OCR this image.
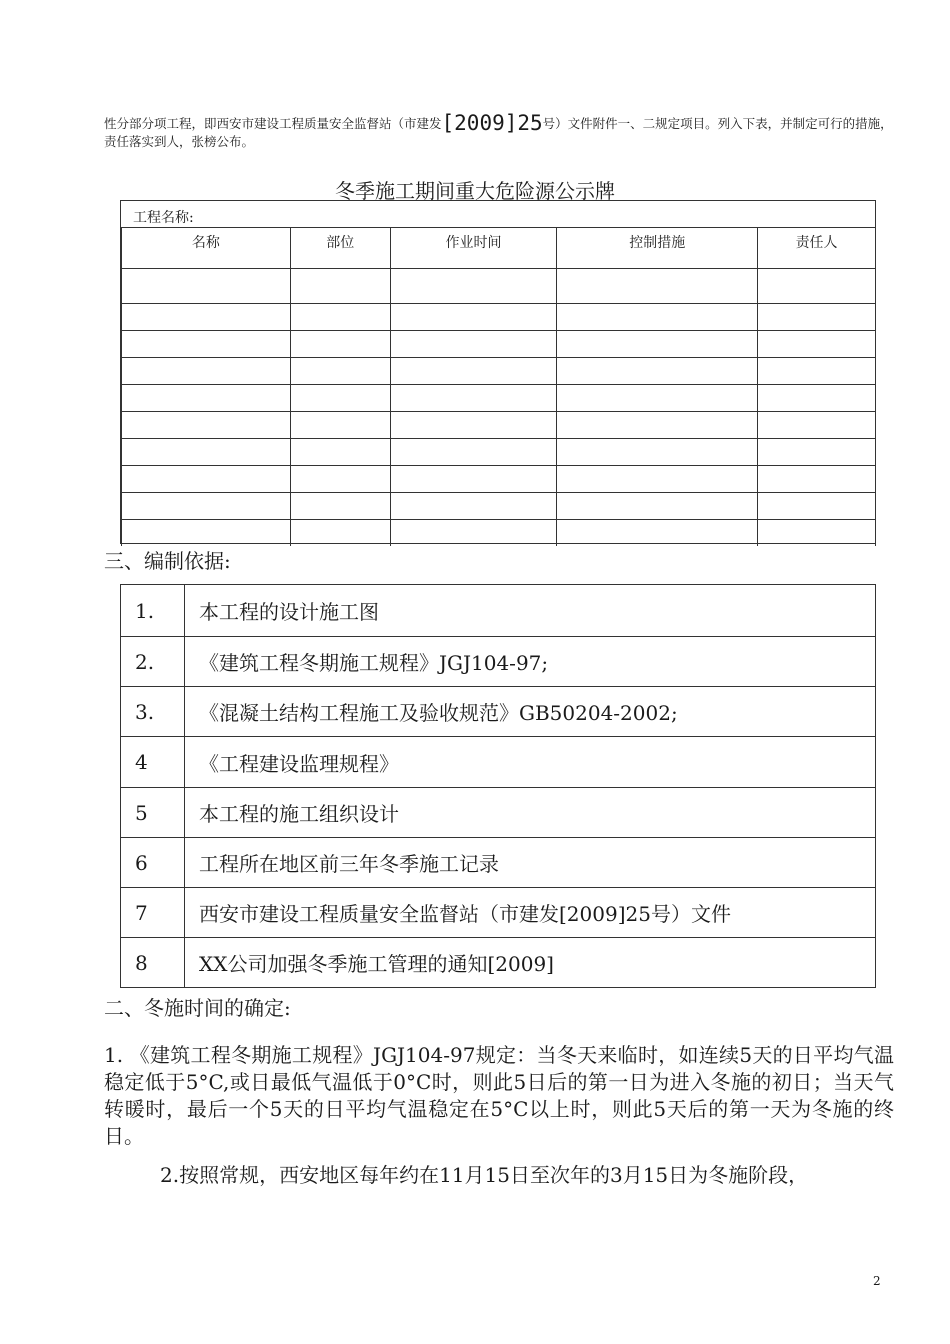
性分部分项工程，即西安市建设工程质量安全监督站（市建发[2009]25号）文件附件一、二规定项目。列入下表，并制定可行的措施，责任落实到人，张榜公布。
冬季施工期间重大危险源公示牌
工程名称:
名称	部位	作业时间	控制措施	责任人

三、编制依据:
1.	本工程的设计施工图
2.	《建筑工程冬期施工规程》JGJ104-97;
3.	《混凝土结构工程施工及验收规范》GB50204-2002;
4	《工程建设监理规程》
5	本工程的施工组织设计
6	工程所在地区前三年冬季施工记录
7	西安市建设工程质量安全监督站（市建发[2009]25号）文件
8	XX公司加强冬季施工管理的通知[2009]
二、冬施时间的确定:
1. 《建筑工程冬期施工规程》JGJ104-97规定：当冬天来临时，如连续5天的日平均气温稳定低于5°C,或日最低气温低于0°C时，则此5日后的第一日为进入冬施的初日；当天气转暖时，最后一个5天的日平均气温稳定在5°C以上时，则此5天后的第一天为冬施的终日。
2.按照常规，西安地区每年约在11月15日至次年的3月15日为冬施阶段，
2
